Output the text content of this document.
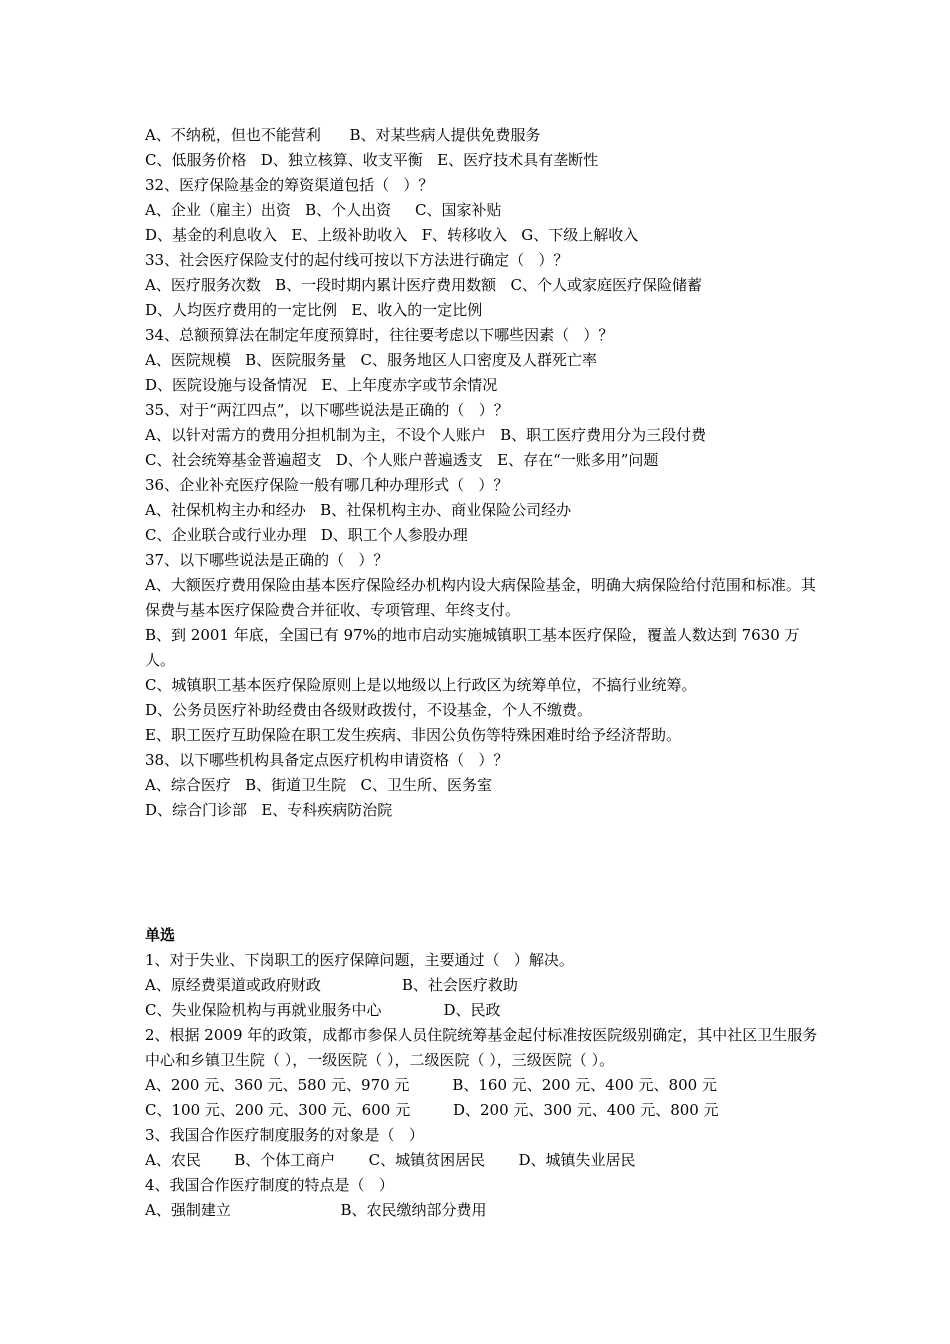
A、不纳税，但也不能营利      B、对某些病人提供免费服务
C、低服务价格   D、独立核算、收支平衡   E、医疗技术具有垄断性
32、医疗保险基金的筹资渠道包括（   ）？
A、企业（雇主）出资   B、个人出资     C、国家补贴
D、基金的利息收入   E、上级补助收入   F、转移收入   G、下级上解收入
33、社会医疗保险支付的起付线可按以下方法进行确定（   ）？
A、医疗服务次数   B、一段时期内累计医疗费用数额   C、个人或家庭医疗保险储蓄
D、人均医疗费用的一定比例   E、收入的一定比例
34、总额预算法在制定年度预算时，往往要考虑以下哪些因素（   ）？
A、医院规模   B、医院服务量   C、服务地区人口密度及人群死亡率
D、医院设施与设备情况   E、上年度赤字或节余情况
35、对于“两江四点”，以下哪些说法是正确的（   ）？
A、以针对需方的费用分担机制为主，不设个人账户   B、职工医疗费用分为三段付费
C、社会统筹基金普遍超支   D、个人账户普遍透支   E、存在“一账多用”问题
36、企业补充医疗保险一般有哪几种办理形式（   ）？
A、社保机构主办和经办   B、社保机构主办、商业保险公司经办
C、企业联合或行业办理   D、职工个人参股办理
37、以下哪些说法是正确的（   ）？
A、大额医疗费用保险由基本医疗保险经办机构内设大病保险基金，明确大病保险给付范围和标准。其保费与基本医疗保险费合并征收、专项管理、年终支付。
B、到 2001 年底，全国已有 97%的地市启动实施城镇职工基本医疗保险，覆盖人数达到 7630 万人。
C、城镇职工基本医疗保险原则上是以地级以上行政区为统筹单位，不搞行业统筹。
D、公务员医疗补助经费由各级财政拨付，不设基金，个人不缴费。
E、职工医疗互助保险在职工发生疾病、非因公负伤等特殊困难时给予经济帮助。
38、以下哪些机构具备定点医疗机构申请资格（   ）？
A、综合医疗   B、街道卫生院   C、卫生所、医务室
D、综合门诊部   E、专科疾病防治院
单选
1、对于失业、下岗职工的医疗保障问题，主要通过（   ）解决。
A、原经费渠道或政府财政                 B、社会医疗救助
C、失业保险机构与再就业服务中心             D、民政
2、根据 2009 年的政策，成都市参保人员住院统筹基金起付标准按医院级别确定，其中社区卫生服务中心和乡镇卫生院（ ），一级医院（ ），二级医院（ ），三级医院（ ）。
A、200 元、360 元、580 元、970 元         B、160 元、200 元、400 元、800 元
C、100 元、200 元、300 元、600 元         D、200 元、300 元、400 元、800 元
3、我国合作医疗制度服务的对象是（   ）
A、农民       B、个体工商户       C、城镇贫困居民       D、城镇失业居民
4、我国合作医疗制度的特点是（   ）
A、强制建立                       B、农民缴纳部分费用
